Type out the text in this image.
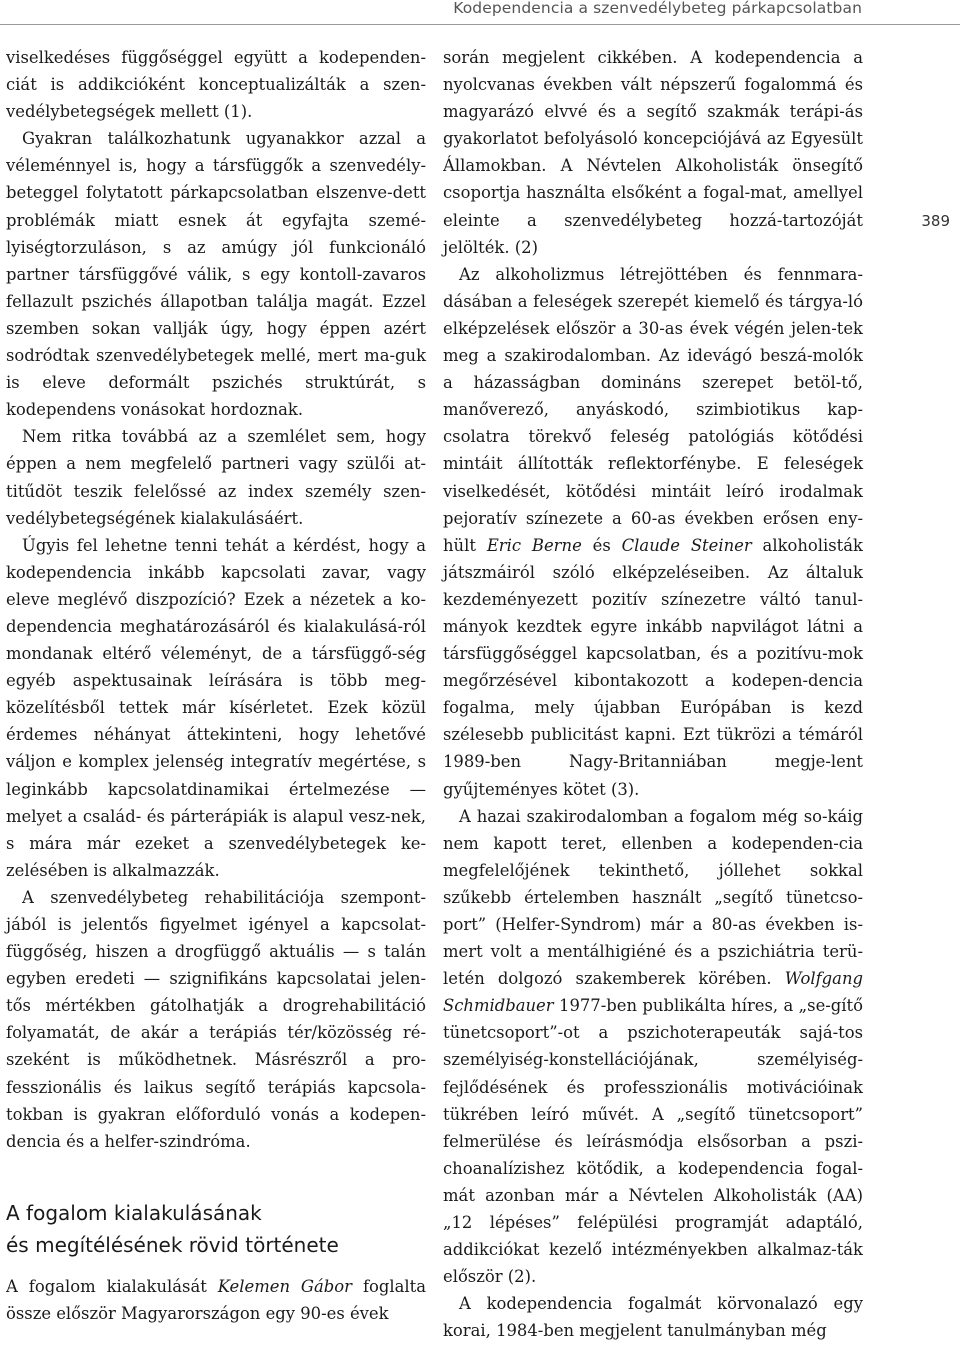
Kodependencia a szenvedélybeteg párkapcsolatban

viselkedéses függőséggel együtt a kodependen-ciát is addikcióként konceptualizálták a szen-vedélybetegségek mellett (1).

Gyakran találkozhatunk ugyanakkor azzal a véleménnyel is, hogy a társfüggők a szenvedély-beteggel folytatott párkapcsolatban elszenve-dett problémák miatt esnek át egyfajta szemé-lyiségtorzuláson, s az amúgy jól funkcionáló partner társfüggővé válik, s egy kontoll-zavaros fellazult pszichés állapotban találja magát. Ezzel szemben sokan vallják úgy, hogy éppen azért sodródtak szenvedélybetegek mellé, mert ma-guk is eleve deformált pszichés struktúrát, s kodependens vonásokat hordoznak.

Nem ritka továbbá az a szemlélet sem, hogy éppen a nem megfelelő partneri vagy szülői at-titűdöt teszik felelőssé az index személy szen-vedélybetegségének kialakulásáért.

Úgyis fel lehetne tenni tehát a kérdést, hogy a kodependencia inkább kapcsolati zavar, vagy eleve meglévő diszpozíció? Ezek a nézetek a ko-dependencia meghatározásáról és kialakulásá-ról mondanak eltérő véleményt, de a társfüggő-ség egyéb aspektusainak leírására is több meg-közelítésből tettek már kísérletet. Ezek közül érdemes néhányat áttekinteni, hogy lehetővé váljon e komplex jelenség integratív megértése, s leginkább kapcsolatdinamikai értelmezése — melyet a család- és párterápiák is alapul vesz-nek, s mára már ezeket a szenvedélybetegek ke-zelésében is alkalmazzák.

A szenvedélybeteg rehabilitációja szempont-jából is jelentős figyelmet igényel a kapcsolat-függőség, hiszen a drogfüggő aktuális — s talán egyben eredeti — szignifikáns kapcsolatai jelen-tős mértékben gátolhatják a drogrehabilitáció folyamatát, de akár a terápiás tér/közösség ré-szeként is működhetnek. Másrészről a pro-fesszionális és laikus segítő terápiás kapcsola-tokban is gyakran előforduló vonás a kodepen-dencia és a helfer-szindróma.

A fogalom kialakulásának
és megítélésének rövid története

A fogalom kialakulását Kelemen Gábor foglalta össze először Magyarországon egy 90-es évek

során megjelent cikkében. A kodependencia a nyolcvanas években vált népszerű fogalommá és magyarázó elvvé és a segítő szakmák terápi-ás gyakorlatot befolyásoló koncepciójává az Egyesült Államokban. A Névtelen Alkoholisták önsegítő csoportja használta elsőként a fogal-mat, amellyel eleinte a szenvedélybeteg hozzá-tartozóját jelölték. (2)

Az alkoholizmus létrejöttében és fennmara-dásában a feleségek szerepét kiemelő és tárgya-ló elképzelések először a 30-as évek végén jelen-tek meg a szakirodalomban. Az idevágó beszá-molók a házasságban domináns szerepet betöl-tő, manőverező, anyáskodó, szimbiotikus kap-csolatra törekvő feleség patológiás kötődési mintáit állították reflektorfénybe. E feleségek viselkedését, kötődési mintáit leíró irodalmak pejoratív színezete a 60-as években erősen eny-hült Eric Berne és Claude Steiner alkoholisták játszmáiról szóló elképzeléseiben. Az általuk kezdeményezett pozitív színezetre váltó tanul-mányok kezdtek egyre inkább napvilágot látni a társfüggőséggel kapcsolatban, és a pozitívu-mok megőrzésével kibontakozott a kodepen-dencia fogalma, mely újabban Európában is kezd szélesebb publicitást kapni. Ezt tükrözi a témáról 1989-ben Nagy-Britanniában megje-lent gyűjteményes kötet (3).

A hazai szakirodalomban a fogalom még so-káig nem kapott teret, ellenben a kodependen-cia megfelelőjének tekinthető, jóllehet sokkal szűkebb értelemben használt „segítő tünetcso-port” (Helfer-Syndrom) már a 80-as években is-mert volt a mentálhigiéné és a pszichiátria terü-letén dolgozó szakemberek körében. Wolfgang Schmidbauer 1977-ben publikálta híres, a „se-gítő tünetcsoport”-ot a pszichoterapeuták sajá-tos személyiség-konstellációjának, személyiség-fejlődésének és professzionális motivációinak tükrében leíró művét. A „segítő tünetcsoport” felmerülése és leírásmódja elsősorban a pszi-choanalízishez kötődik, a kodependencia fogal-mát azonban már a Névtelen Alkoholisták (AA) „12 lépéses” felépülési programját adaptáló, addikciókat kezelő intézményekben alkalmaz-ták először (2).

A kodependencia fogalmát körvonalazó egy korai, 1984-ben megjelent tanulmányban még

389
